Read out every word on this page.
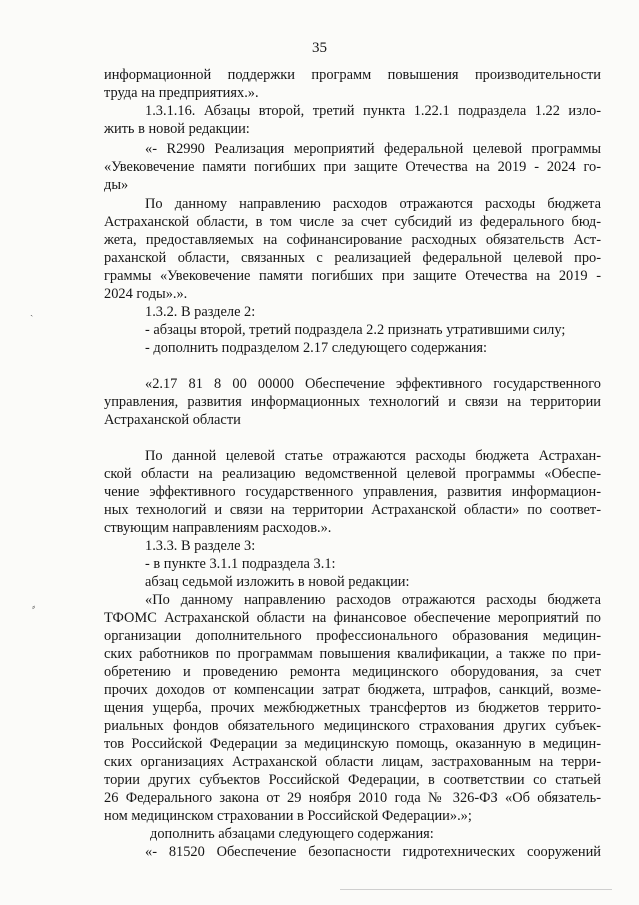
35
информационной поддержки программ повышения производительности
труда на предприятиях.».
1.3.1.16. Абзацы второй, третий пункта 1.22.1 подраздела 1.22 изло-
жить в новой редакции:
«- R2990 Реализация мероприятий федеральной целевой программы
«Увековечение памяти погибших при защите Отечества на 2019 - 2024 го-
ды»
По данному направлению расходов отражаются расходы бюджета
Астраханской области, в том числе за счет субсидий из федерального бюд-
жета, предоставляемых на софинансирование расходных обязательств Аст-
раханской области, связанных с реализацией федеральной целевой про-
граммы «Увековечение памяти погибших при защите Отечества на 2019 -
2024 годы».».
1.3.2. В разделе 2:
- абзацы второй, третий подраздела 2.2 признать утратившими силу;
- дополнить подразделом 2.17 следующего содержания:
«2.17 81 8 00 00000 Обеспечение эффективного государственного
управления, развития информационных технологий и связи на территории
Астраханской области
По данной целевой статье отражаются расходы бюджета Астрахан-
ской области на реализацию ведомственной целевой программы «Обеспе-
чение эффективного государственного управления, развития информацион-
ных технологий и связи на территории Астраханской области» по соответ-
ствующим направлениям расходов.».
1.3.3. В разделе 3:
- в пункте 3.1.1 подраздела 3.1:
абзац седьмой изложить в новой редакции:
«По данному направлению расходов отражаются расходы бюджета
ТФОМС Астраханской области на финансовое обеспечение мероприятий по
организации дополнительного профессионального образования медицин-
ских работников по программам повышения квалификации, а также по при-
обретению и проведению ремонта медицинского оборудования, за счет
прочих доходов от компенсации затрат бюджета, штрафов, санкций, возме-
щения ущерба, прочих межбюджетных трансфертов из бюджетов террито-
риальных фондов обязательного медицинского страхования других субъек-
тов Российской Федерации за медицинскую помощь, оказанную в медицин-
ских организациях Астраханской области лицам, застрахованным на терри-
тории других субъектов Российской Федерации, в соответствии со статьей
26 Федерального закона от 29 ноября 2010 года № 326-ФЗ «Об обязатель-
ном медицинском страховании в Российской Федерации».»;
дополнить абзацами следующего содержания:
«- 81520 Обеспечение безопасности гидротехнических сооружений
ˏ
⸗
